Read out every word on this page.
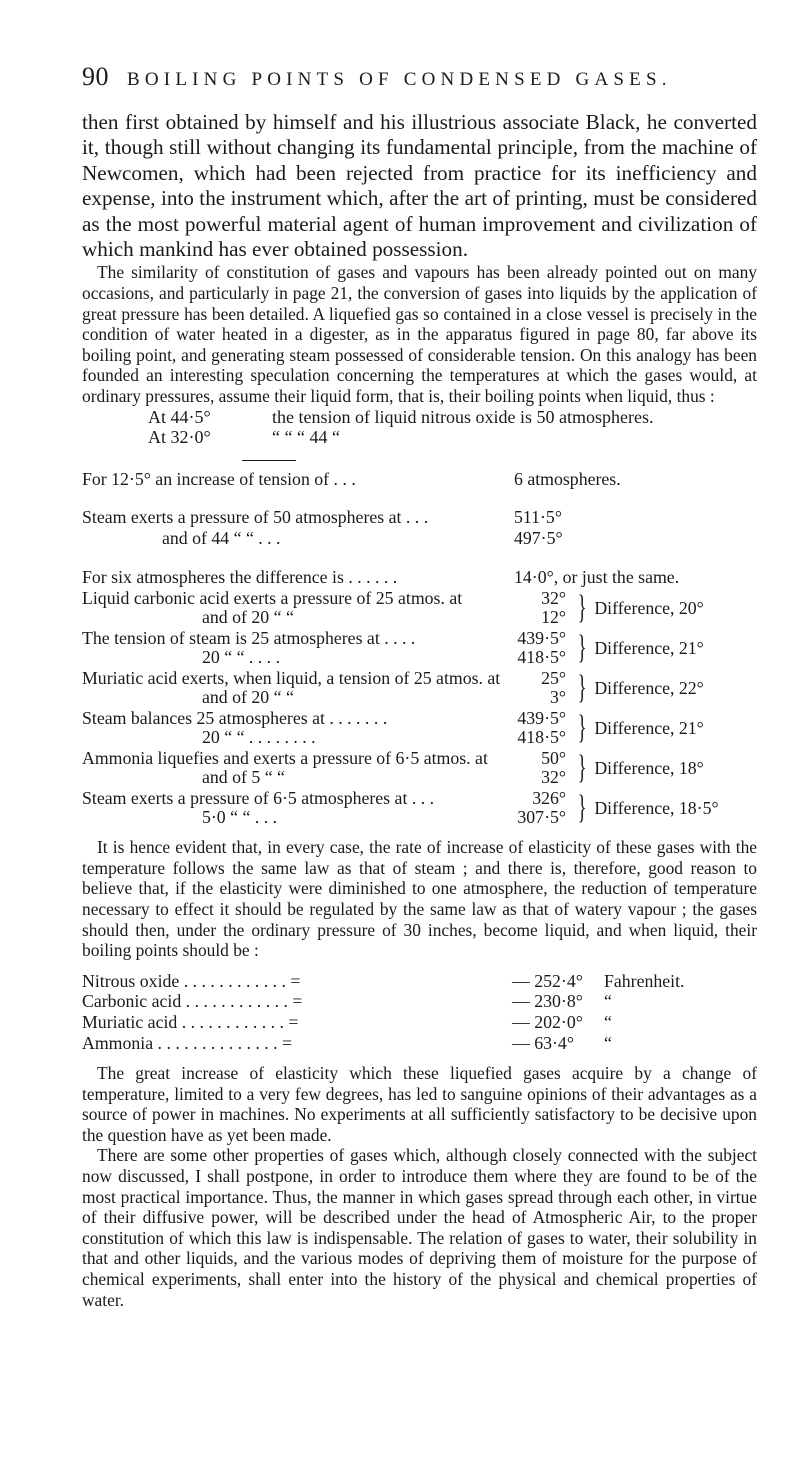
90 BOILING POINTS OF CONDENSED GASES.

then first obtained by himself and his illustrious associate Black, he converted it, though still without changing its fundamental principle, from the machine of Newcomen, which had been rejected from practice for its inefficiency and expense, into the instrument which, after the art of printing, must be considered as the most powerful material agent of human improvement and civilization of which mankind has ever obtained possession.

The similarity of constitution of gases and vapours has been already pointed out on many occasions, and particularly in page 21, the conversion of gases into liquids by the application of great pressure has been detailed. A liquefied gas so contained in a close vessel is precisely in the condition of water heated in a digester, as in the apparatus figured in page 80, far above its boiling point, and generating steam possessed of considerable tension. On this analogy has been founded an interesting speculation concerning the temperatures at which the gases would, at ordinary pressures, assume their liquid form, that is, their boiling points when liquid, thus :

At 44·5°	the tension of liquid nitrous oxide is 50 atmospheres.
At 32·0°	“ “ “ 44 “
For 12·5° an increase of tension of . . .	6 atmospheres.
Steam exerts a pressure of 50 atmospheres at . . .	511·5°
and of 44 “ “ . . .	497·5°
For six atmospheres the difference is . . . . . .	14·0°, or just the same.
Liquid carbonic acid exerts a pressure of 25 atmos. at	32°
and of 20 “ “	12° } Difference, 20°
The tension of steam is 25 atmospheres at . . . .	439·5°
20 “ “ . . . .	418·5° } Difference, 21°
Muriatic acid exerts, when liquid, a tension of 25 atmos. at	25°
and of 20 “ “	3° } Difference, 22°
Steam balances 25 atmospheres at . . . . . . .	439·5°
20 “ “ . . . . . . . .	418·5° } Difference, 21°
Ammonia liquefies and exerts a pressure of 6·5 atmos. at	50°
and of 5 “ “	32° } Difference, 18°
Steam exerts a pressure of 6·5 atmospheres at . . .	326°
5·0 “ “ . . .	307·5° } Difference, 18·5°

It is hence evident that, in every case, the rate of increase of elasticity of these gases with the temperature follows the same law as that of steam ; and there is, therefore, good reason to believe that, if the elasticity were diminished to one atmosphere, the reduction of temperature necessary to effect it should be regulated by the same law as that of watery vapour ; the gases should then, under the ordinary pressure of 30 inches, become liquid, and when liquid, their boiling points should be :

Nitrous oxide . . . . . . . . . . . . =	— 252·4°	Fahrenheit.
Carbonic acid . . . . . . . . . . . . =	— 230·8°	“
Muriatic acid . . . . . . . . . . . . =	— 202·0°	“
Ammonia . . . . . . . . . . . . . . =	— 63·4°	“

The great increase of elasticity which these liquefied gases acquire by a change of temperature, limited to a very few degrees, has led to sanguine opinions of their advantages as a source of power in machines. No experiments at all sufficiently satisfactory to be decisive upon the question have as yet been made.

There are some other properties of gases which, although closely connected with the subject now discussed, I shall postpone, in order to introduce them where they are found to be of the most practical importance. Thus, the manner in which gases spread through each other, in virtue of their diffusive power, will be described under the head of Atmospheric Air, to the proper constitution of which this law is indispensable. The relation of gases to water, their solubility in that and other liquids, and the various modes of depriving them of moisture for the purpose of chemical experiments, shall enter into the history of the physical and chemical properties of water.
